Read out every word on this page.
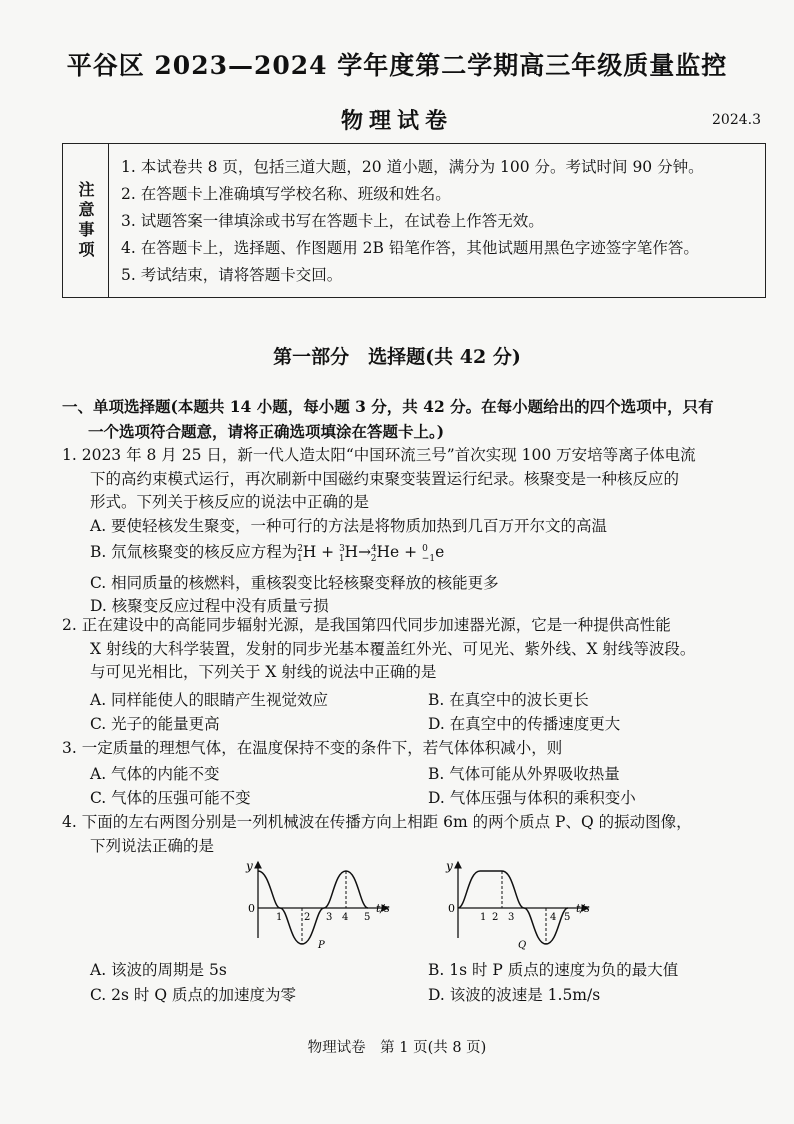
平谷区 2023—2024 学年度第二学期高三年级质量监控
物理试卷	2024.3
注意事项
1. 本试卷共 8 页，包括三道大题，20 道小题，满分为 100 分。考试时间 90 分钟。
2. 在答题卡上准确填写学校名称、班级和姓名。
3. 试题答案一律填涂或书写在答题卡上，在试卷上作答无效。
4. 在答题卡上，选择题、作图题用 2B 铅笔作答，其他试题用黑色字迹签字笔作答。
5. 考试结束，请将答题卡交回。
第一部分　选择题(共 42 分)
一、单项选择题(本题共 14 小题，每小题 3 分，共 42 分。在每小题给出的四个选项中，只有
一个选项符合题意，请将正确选项填涂在答题卡上。)
1. 2023 年 8 月 25 日，新一代人造太阳“中国环流三号”首次实现 100 万安培等离子体电流
下的高约束模式运行，再次刷新中国磁约束聚变装置运行纪录。核聚变是一种核反应的
形式。下列关于核反应的说法中正确的是
A. 要使轻核发生聚变，一种可行的方法是将物质加热到几百万开尔文的高温
B. 氘氚核聚变的核反应方程为$^2_1$H + $^3_1$H→$^4_2$He + $^0_{-1}$e
C. 相同质量的核燃料，重核裂变比轻核聚变释放的核能更多
D. 核聚变反应过程中没有质量亏损
2. 正在建设中的高能同步辐射光源，是我国第四代同步加速器光源，它是一种提供高性能
X 射线的大科学装置，发射的同步光基本覆盖红外光、可见光、紫外线、X 射线等波段。
与可见光相比，下列关于 X 射线的说法中正确的是
A. 同样能使人的眼睛产生视觉效应	B. 在真空中的波长更长
C. 光子的能量更高	D. 在真空中的传播速度更大
3. 一定质量的理想气体，在温度保持不变的条件下，若气体体积减小，则
A. 气体的内能不变	B. 气体可能从外界吸收热量
C. 气体的压强可能不变	D. 气体压强与体积的乘积变小
4. 下面的左右两图分别是一列机械波在传播方向上相距 6m 的两个质点 P、Q 的振动图像，
下列说法正确的是
y
0	t/s
1 2 3 4 5
P
y
0	t/s
1 2 3	4 5
Q
A. 该波的周期是 5s	B. 1s 时 P 质点的速度为负的最大值
C. 2s 时 Q 质点的加速度为零	D. 该波的波速是 1.5m/s
物理试卷　第 1 页(共 8 页)
